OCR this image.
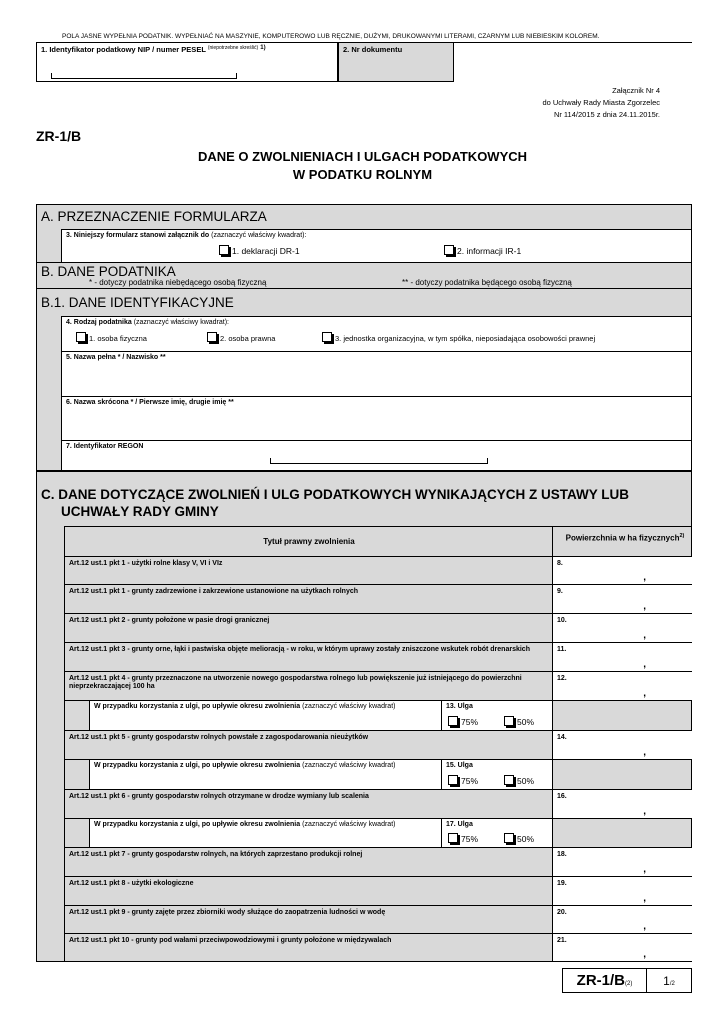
POLA JASNE WYPEŁNIA PODATNIK. WYPEŁNIAĆ NA MASZYNIE, KOMPUTEROWO LUB RĘCZNIE, DUŻYMI, DRUKOWANYMI LITERAMI, CZARNYM LUB NIEBIESKIM KOLOREM.
1. Identyfikator podatkowy NIP / numer PESEL $^{(niepotrzebne skreślić)}$ $^{1)}$	2. Nr dokumentu
Załącznik Nr 4
do Uchwały Rady Miasta Zgorzelec
Nr 114/2015 z dnia 24.11.2015r.
ZR-1/B
DANE O ZWOLNIENIACH I ULGACH PODATKOWYCH
W PODATKU ROLNYM
A. PRZEZNACZENIE FORMULARZA
3. Niniejszy formularz stanowi załącznik do (zaznaczyć właściwy kwadrat):
1. deklaracji DR-1	2. informacji IR-1
B. DANE PODATNIKA
* - dotyczy podatnika niebędącego osobą fizyczną	** - dotyczy podatnika będącego osobą fizyczną
B.1. DANE IDENTYFIKACYJNE
4. Rodzaj podatnika (zaznaczyć właściwy kwadrat):
1. osoba fizyczna	2. osoba prawna	3. jednostka organizacyjna, w tym spółka, nieposiadająca osobowości prawnej
5. Nazwa pełna * / Nazwisko **
6. Nazwa skrócona * / Pierwsze imię, drugie imię **
7. Identyfikator REGON
C. DANE DOTYCZĄCE ZWOLNIEŃ I ULG PODATKOWYCH WYNIKAJĄCYCH Z USTAWY LUB
UCHWAŁY RADY GMINY
Tytuł prawny zwolnienia	Powierzchnia w ha fizycznych$^{2)}$
Art.12 ust.1 pkt 1 - użytki rolne klasy V, VI i VIz	8.
,
Art.12 ust.1 pkt 1 - grunty zadrzewione i zakrzewione ustanowione na użytkach rolnych	9.
,
Art.12 ust.1 pkt 2 - grunty położone w pasie drogi granicznej	10.
,
Art.12 ust.1 pkt 3 - grunty orne, łąki i pastwiska objęte melioracją - w roku, w którym uprawy zostały zniszczone wskutek robót drenarskich	11.
,
Art.12 ust.1 pkt 4 - grunty przeznaczone na utworzenie nowego gospodarstwa rolnego lub powiększenie już istniejącego do powierzchni nieprzekraczającej 100 ha
12.
,
W przypadku korzystania z ulgi, po upływie okresu zwolnienia (zaznaczyć właściwy kwadrat)	13. Ulga
75%	50%
Art.12 ust.1 pkt 5 - grunty gospodarstw rolnych powstałe z zagospodarowania nieużytków	14.
,
W przypadku korzystania z ulgi, po upływie okresu zwolnienia (zaznaczyć właściwy kwadrat)	15. Ulga
75%	50%
Art.12 ust.1 pkt 6 - grunty gospodarstw rolnych otrzymane w drodze wymiany lub scalenia	16.
,
W przypadku korzystania z ulgi, po upływie okresu zwolnienia (zaznaczyć właściwy kwadrat)	17. Ulga
75%	50%
Art.12 ust.1 pkt 7 - grunty gospodarstw rolnych, na których zaprzestano produkcji rolnej	18.
,
Art.12 ust.1 pkt 8 - użytki ekologiczne	19.
,
Art.12 ust.1 pkt 9 - grunty zajęte przez zbiorniki wody służące do zaopatrzenia ludności w wodę	20.
,
Art.12 ust.1 pkt 10 - grunty pod wałami przeciwpowodziowymi i grunty położone w międzywalach	21.
,
ZR-1/B(2)	1/2
